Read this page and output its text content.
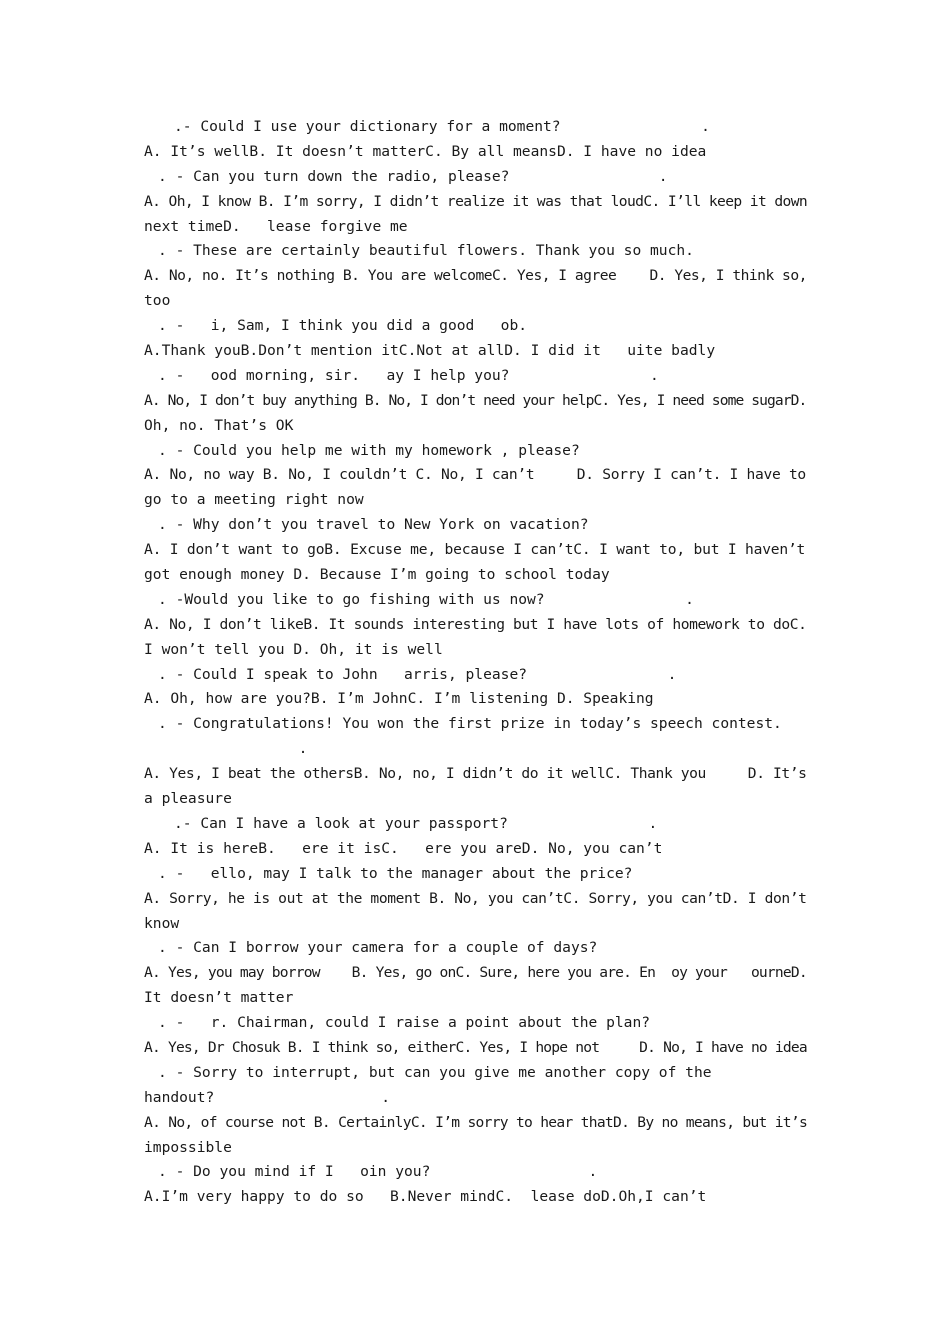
.- Could I use your dictionary for a moment?                .
A. It’s wellB. It doesn’t matterC. By all meansD. I have no idea
. - Can you turn down the radio, please?                 .
A. Oh, I know B. I’m sorry, I didn’t realize it was that loudC. I’ll keep it down
next timeD.   lease forgive me
. - These are certainly beautiful flowers. Thank you so much.
A. No, no. It’s nothing B. You are welcomeC. Yes, I agree    D. Yes, I think so,
too
. -   i, Sam, I think you did a good   ob.
A.Thank youB.Don’t mention itC.Not at allD. I did it   uite badly
. -   ood morning, sir.   ay I help you?                .
A. No, I don’t buy anything B. No, I don’t need your helpC. Yes, I need some sugarD.
Oh, no. That’s OK
. - Could you help me with my homework , please?
A. No, no way B. No, I couldn’t C. No, I can’t     D. Sorry I can’t. I have to
go to a meeting right now
. - Why don’t you travel to New York on vacation?
A. I don’t want to goB. Excuse me, because I can’tC. I want to, but I haven’t
got enough money D. Because I’m going to school today
. -Would you like to go fishing with us now?                .
A. No, I don’t likeB. It sounds interesting but I have lots of homework to doC.
I won’t tell you D. Oh, it is well
. - Could I speak to John   arris, please?                .
A. Oh, how are you?B. I’m JohnC. I’m listening D. Speaking
. - Congratulations! You won the first prize in today’s speech contest.
.
A. Yes, I beat the othersB. No, no, I didn’t do it wellC. Thank you     D. It’s
a pleasure
.- Can I have a look at your passport?                .
A. It is hereB.   ere it isC.   ere you areD. No, you can’t
. -   ello, may I talk to the manager about the price?
A. Sorry, he is out at the moment B. No, you can’tC. Sorry, you can’tD. I don’t
know
. - Can I borrow your camera for a couple of days?
A. Yes, you may borrow    B. Yes, go onC. Sure, here you are. En  oy your   ourneD.
It doesn’t matter
. -   r. Chairman, could I raise a point about the plan?
A. Yes, Dr Chosuk B. I think so, eitherC. Yes, I hope not     D. No, I have no idea
. - Sorry to interrupt, but can you give me another copy of the
handout?                   .
A. No, of course not B. CertainlyC. I’m sorry to hear thatD. By no means, but it’s
impossible
. - Do you mind if I   oin you?                  .
A.I’m very happy to do so   B.Never mindC.  lease doD.Oh,I can’t
